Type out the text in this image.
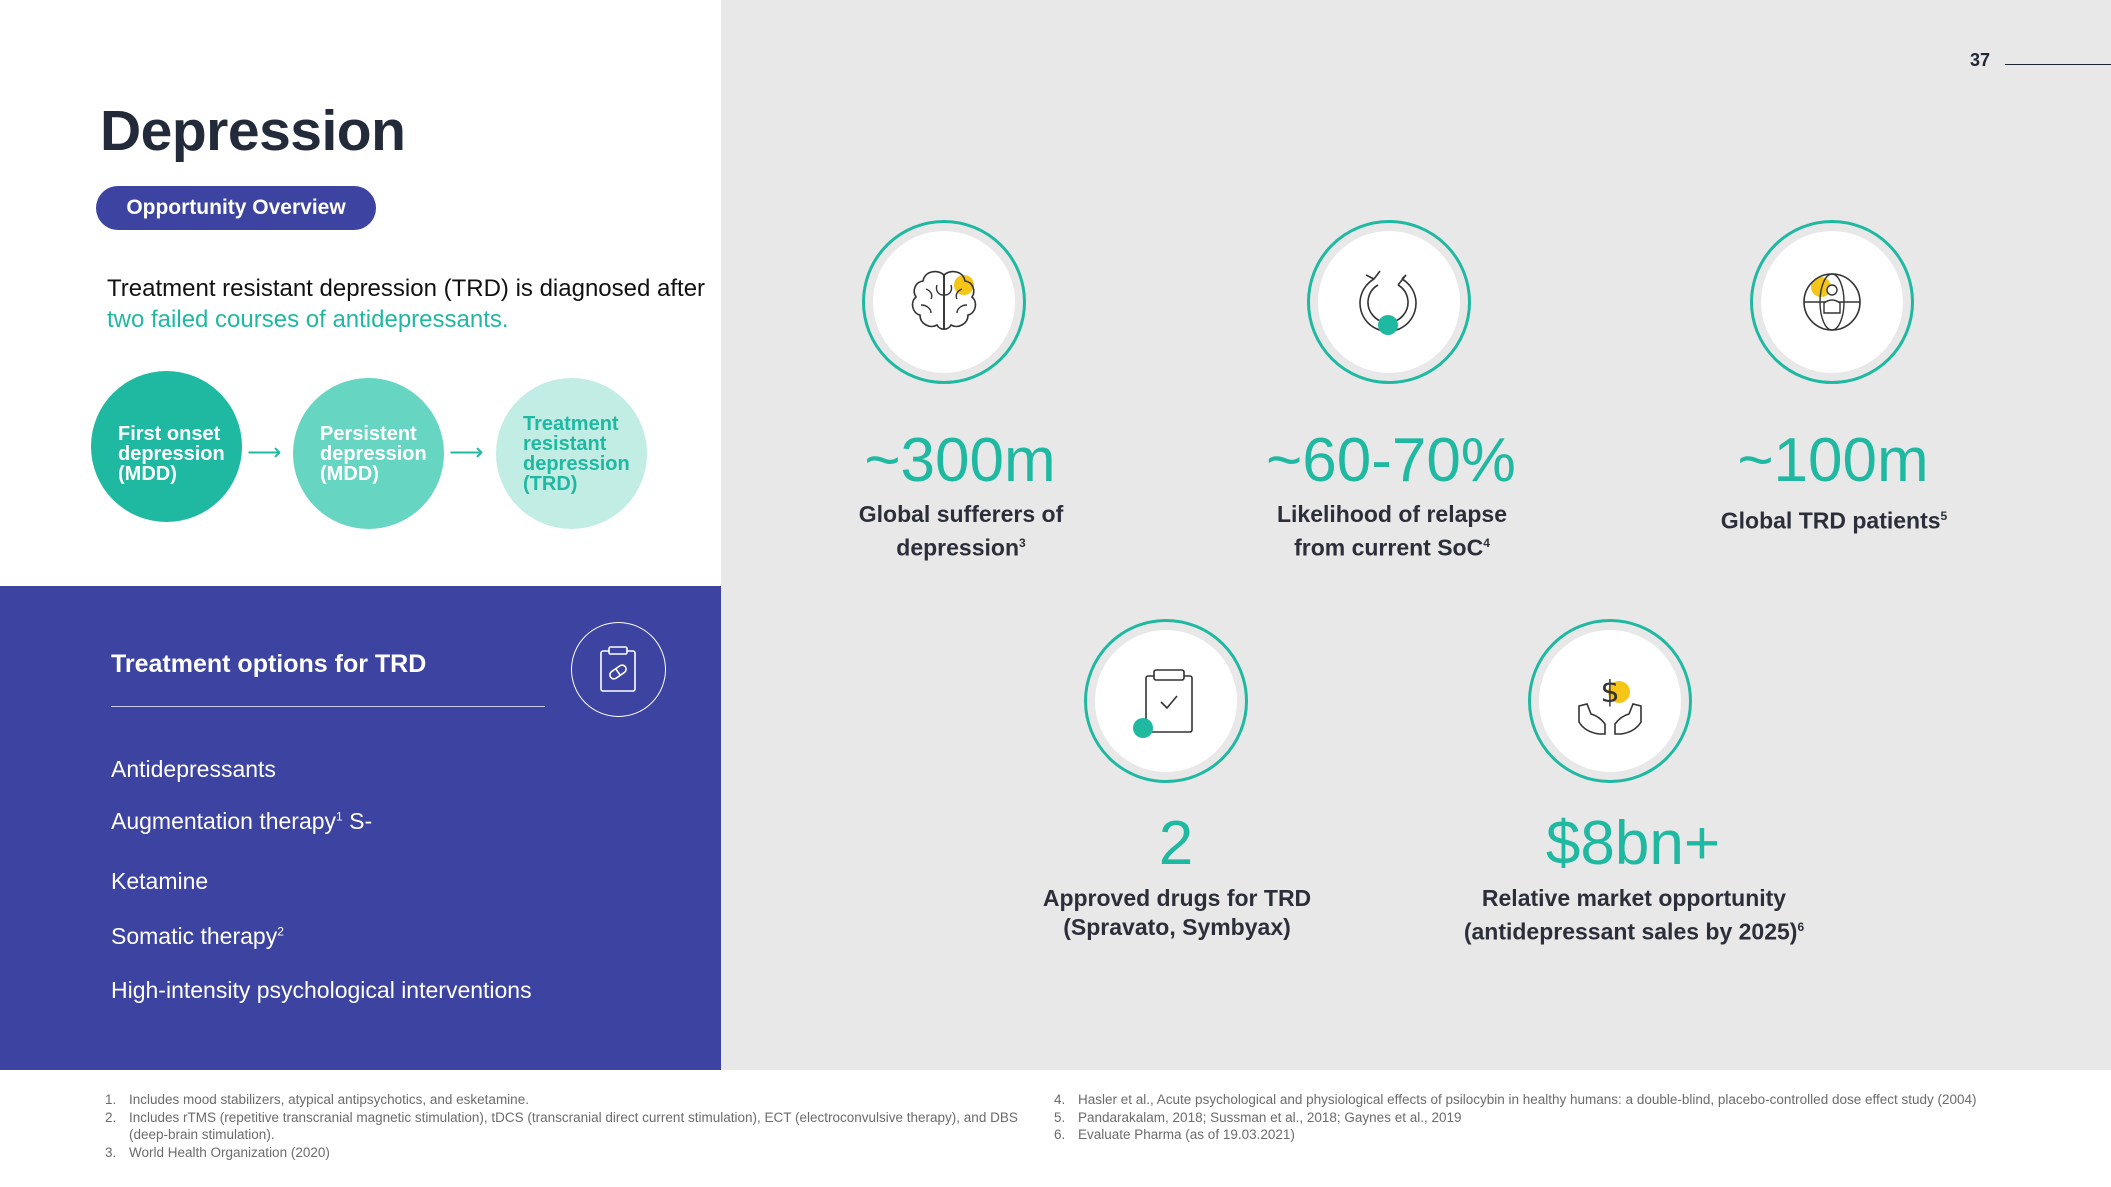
37
Depression
Opportunity Overview
Treatment resistant depression (TRD) is diagnosed after
two failed courses of antidepressants.
First onset
depression
(MDD)
⟶
Persistent
depression
(MDD)
⟶
Treatment
resistant
depression
(TRD)
Treatment options for TRD
Antidepressants
Augmentation therapy$^1$ S-
Ketamine
Somatic therapy$^2$
High-intensity psychological interventions
~300m
Global sufferers of
depression$^3$
~60-70%
Likelihood of relapse
from current SoC$^4$
~100m
Global TRD patients$^5$
2
Approved drugs for TRD
(Spravato, Symbyax)
$
$8bn+
Relative market opportunity
(antidepressant sales by 2025)$^6$
1. Includes mood stabilizers, atypical antipsychotics, and esketamine.
2. Includes rTMS (repetitive transcranial magnetic stimulation), tDCS (transcranial direct current stimulation), ECT (electroconvulsive therapy), and DBS (deep-brain stimulation).
3. World Health Organization (2020)
4. Hasler et al., Acute psychological and physiological effects of psilocybin in healthy humans: a double-blind, placebo-controlled dose effect study (2004)
5. Pandarakalam, 2018; Sussman et al., 2018; Gaynes et al., 2019
6. Evaluate Pharma (as of 19.03.2021)
